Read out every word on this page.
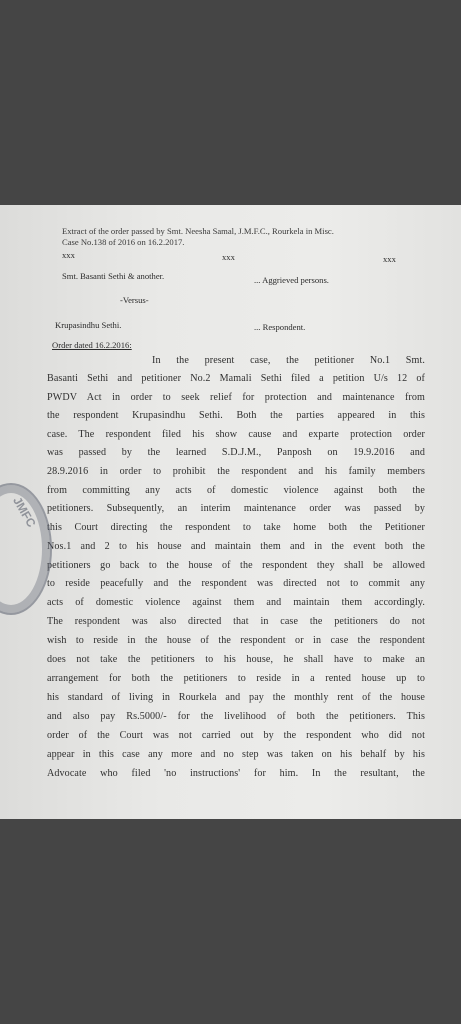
Extract of the order passed by Smt. Neesha Samal, J.M.F.C., Rourkela in Misc.
Case No.138 of 2016 on 16.2.2017.
xxx	xxx	xxx
Smt. Basanti Sethi & another.	... Aggrieved persons.
-Versus-
Krupasindhu Sethi.	... Respondent.
Order dated 16.2.2016:
In the present case, the petitioner No.1 Smt.
Basanti Sethi and petitioner No.2 Mamali Sethi filed a petition U/s 12 of
PWDV Act in order to seek relief for protection and maintenance from
the respondent Krupasindhu Sethi. Both the parties appeared in this
case. The respondent filed his show cause and exparte protection order
was passed by the learned S.D.J.M., Panposh on 19.9.2016 and
28.9.2016 in order to prohibit the respondent and his family members
from committing any acts of domestic violence against both the
petitioners. Subsequently, an interim maintenance order was passed by
this Court directing the respondent to take home both the Petitioner
Nos.1 and 2 to his house and maintain them and in the event both the
petitioners go back to the house of the respondent they shall be allowed
to reside peacefully and the respondent was directed not to commit any
acts of domestic violence against them and maintain them accordingly.
The respondent was also directed that in case the petitioners do not
wish to reside in the house of the respondent or in case the respondent
does not take the petitioners to his house, he shall have to make an
arrangement for both the petitioners to reside in a rented house up to
his standard of living in Rourkela and pay the monthly rent of the house
and also pay Rs.5000/- for the livelihood of both the petitioners. This
order of the Court was not carried out by the respondent who did not
appear in this case any more and no step was taken on his behalf by his
Advocate who filed 'no instructions' for him. In the resultant, the
JMFC
